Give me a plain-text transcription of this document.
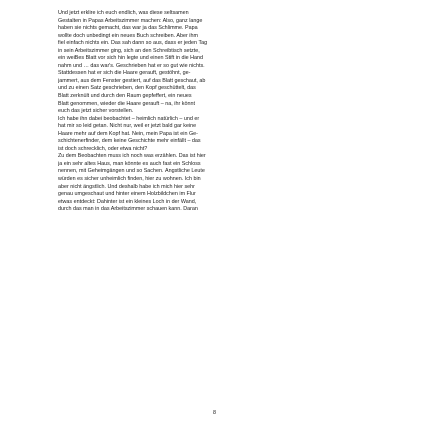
Und jetzt erklire ich euch endlich, was diese seltsamen
Gestalten in Papas Arbeitszimmer machen: Also, ganz lange
haben sie nichts gemacht, das war ja das Schlimme. Papa
wollte doch unbedingt ein neues Buch schreiben. Aber ihm
fiel einfach nichts ein. Das sah dann so aus, dass er jeden Tag
in sein Arbeitszimmer ging, sich an den Schreibtisch setzte,
ein weiBes Blatt vor sich hin legte und einen Stift in die Hand
nahm und … das war's. Geschrieben hat er so gut wie nichts.
Stattdessen hat er sich die Haare gerauft, gestöhnt, ge-
jammert, aus dem Fenster gestiert, auf das Blatt geschaut, ab
und zu einen Satz geschrieben, den Kopf geschüttelt, das
Blatt zerknült und durch den Raum gepfeffert, ein neues
Blatt genommen, wieder die Haare gerauft – na, ihr könnt
euch das jetzt sicher vorstellen.
Ich habe ihn dabei beobachtet – heimlich natürlich – und er
hat mir so leid getan. Nicht nur, weil er jetzt bald gar keine
Haare mehr auf dem Kopf hat. Nein, mein Papa ist ein Ge-
schichtenerfinder, dem keine Geschichte mehr einfällt – das
ist doch schrecklich, oder etwa nicht?
Zu dem Beobachten muss ich noch was erzählen. Das ist hier
ja ein sehr altes Haus, man könnte es auch fast ein Schloss
nennen, mit Geheimgängen und so Sachen. Ängstliche Leute
würden es sicher unheimlich finden, hier zu wohnen. Ich bin
aber nicht ängstlich. Und deshalb habe ich mich hier sehr
genau umgeschaut und hinter einem Holzbildchen im Flur
etwas entdeckt: Dahinter ist ein kleines Loch in der Wand,
durch das man in das Arbeitszimmer schauen kann. Daran
8
